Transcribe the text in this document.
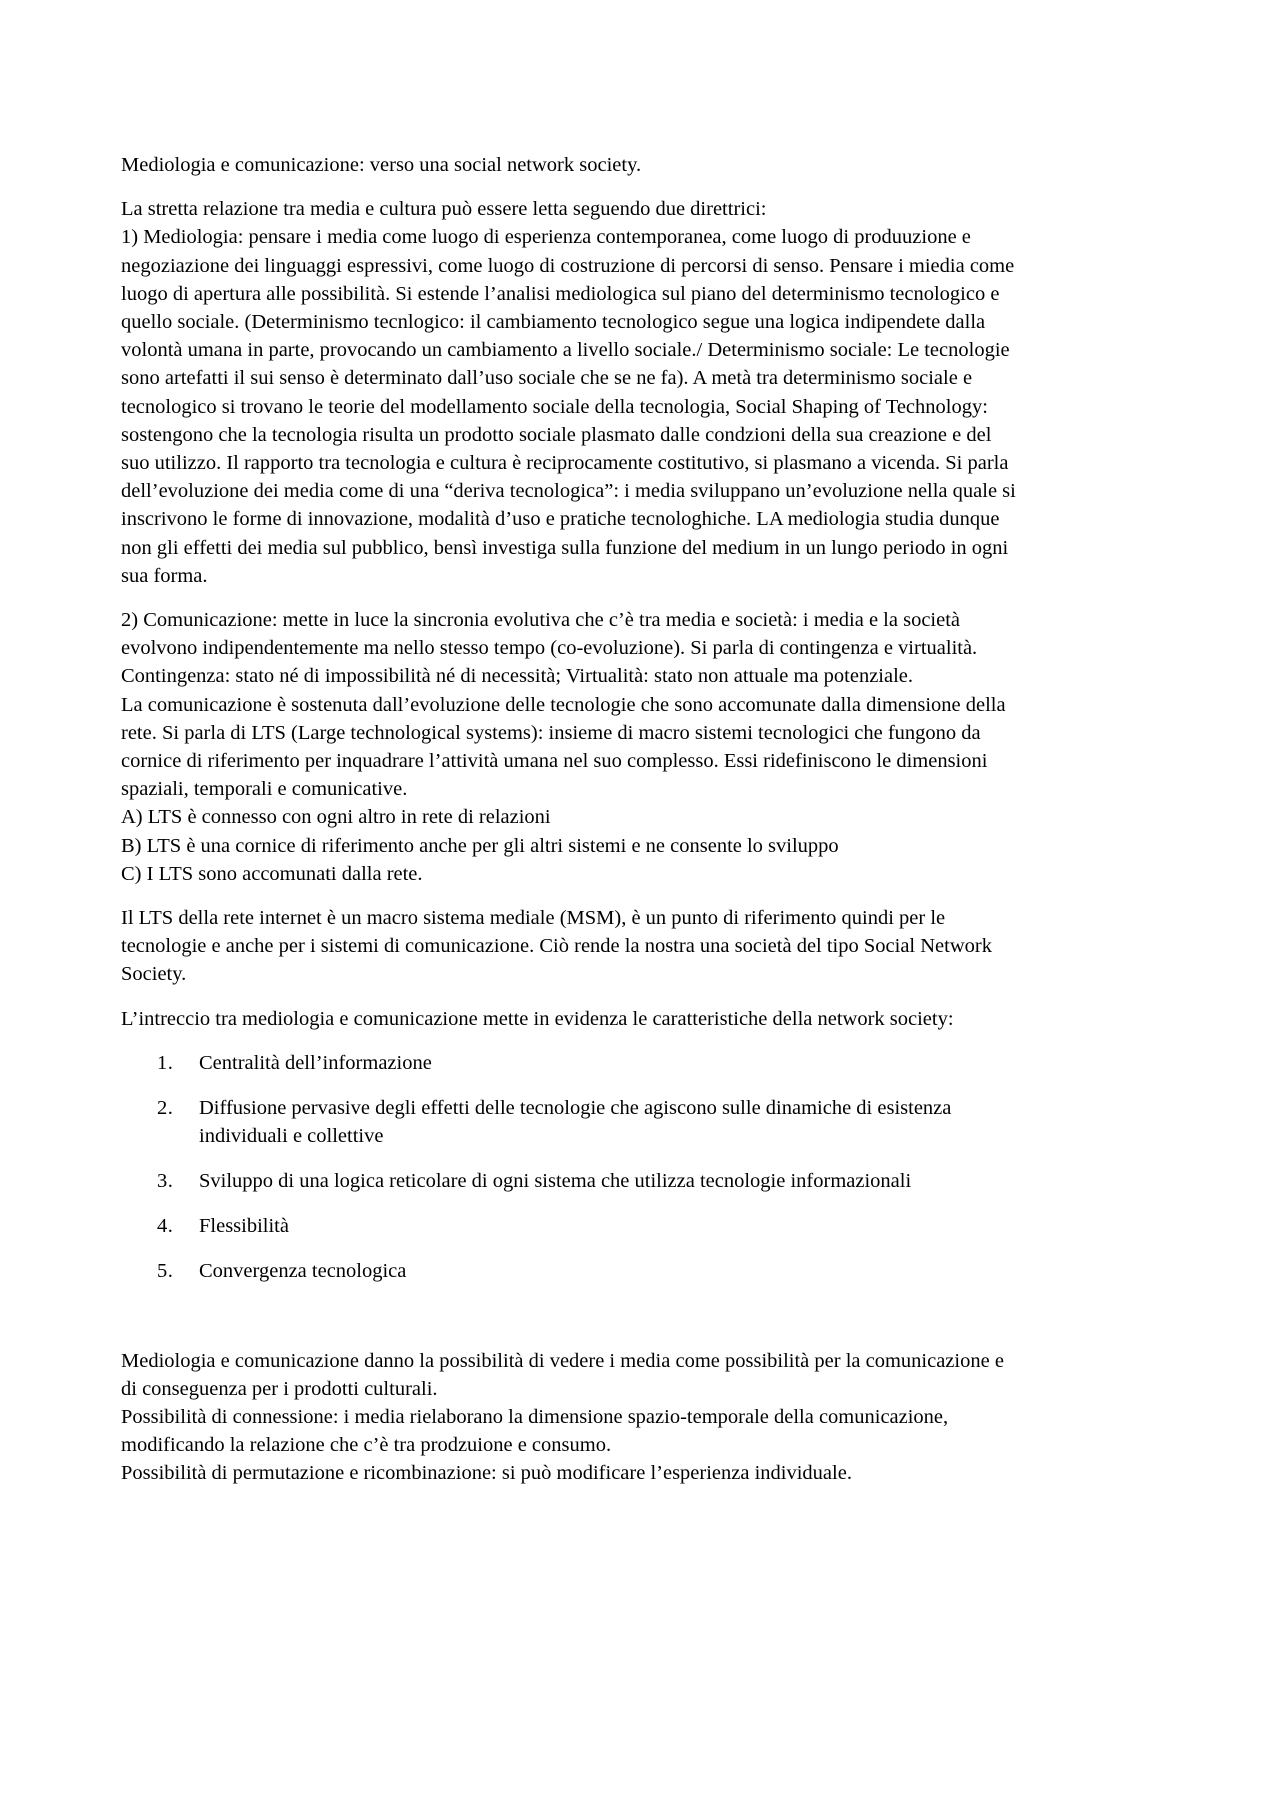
Mediologia e comunicazione: verso una social network society.

La stretta relazione tra media e cultura può essere letta seguendo due direttrici:
1) Mediologia: pensare i media come luogo di esperienza contemporanea, come luogo di produuzione e
negoziazione dei linguaggi espressivi, come luogo di costruzione di percorsi di senso. Pensare i miedia come
luogo di apertura alle possibilità. Si estende l’analisi mediologica sul piano del determinismo tecnologico e
quello sociale. (Determinismo tecnlogico: il cambiamento tecnologico segue una logica indipendete dalla
volontà umana in parte, provocando un cambiamento a livello sociale./ Determinismo sociale: Le tecnologie
sono artefatti il sui senso è determinato dall’uso sociale che se ne fa). A metà tra determinismo sociale e
tecnologico si trovano le teorie del modellamento sociale della tecnologia, Social Shaping of Technology:
sostengono che la tecnologia risulta un prodotto sociale plasmato dalle condzioni della sua creazione e del
suo utilizzo. Il rapporto tra tecnologia e cultura è reciprocamente costitutivo, si plasmano a vicenda. Si parla
dell’evoluzione dei media come di una “deriva tecnologica”: i media sviluppano un’evoluzione nella quale si
inscrivono le forme di innovazione, modalità d’uso e pratiche tecnologhiche. LA mediologia studia dunque
non gli effetti dei media sul pubblico, bensì investiga sulla funzione del medium in un lungo periodo in ogni
sua forma.

2) Comunicazione: mette in luce la sincronia evolutiva che c’è tra media e società: i media e la società
evolvono indipendentemente ma nello stesso tempo (co-evoluzione). Si parla di contingenza e virtualità.
Contingenza: stato né di impossibilità né di necessità; Virtualità: stato non attuale ma potenziale.
La comunicazione è sostenuta dall’evoluzione delle tecnologie che sono accomunate dalla dimensione della
rete. Si parla di LTS (Large technological systems): insieme di macro sistemi tecnologici che fungono da
cornice di riferimento per inquadrare l’attività umana nel suo complesso. Essi ridefiniscono le dimensioni
spaziali, temporali e comunicative.
A) LTS è connesso con ogni altro in rete di relazioni
B) LTS è una cornice di riferimento anche per gli altri sistemi e ne consente lo sviluppo
C) I LTS sono accomunati dalla rete.

Il LTS della rete internet è un macro sistema mediale (MSM), è un punto di riferimento quindi per le
tecnologie e anche per i sistemi di comunicazione. Ciò rende la nostra una società del tipo Social Network
Society.

L’intreccio tra mediologia e comunicazione mette in evidenza le caratteristiche della network society:

1.	Centralità dell’informazione
2.	Diffusione pervasive degli effetti delle tecnologie che agiscono sulle dinamiche di esistenza
individuali e collettive
3.	Sviluppo di una logica reticolare di ogni sistema che utilizza tecnologie informazionali
4.	Flessibilità
5.	Convergenza tecnologica

Mediologia e comunicazione danno la possibilità di vedere i media come possibilità per la comunicazione e
di conseguenza per i prodotti culturali.
Possibilità di connessione: i media rielaborano la dimensione spazio-temporale della comunicazione,
modificando la relazione che c’è tra prodzuione e consumo.
Possibilità di permutazione e ricombinazione: si può modificare l’esperienza individuale.
